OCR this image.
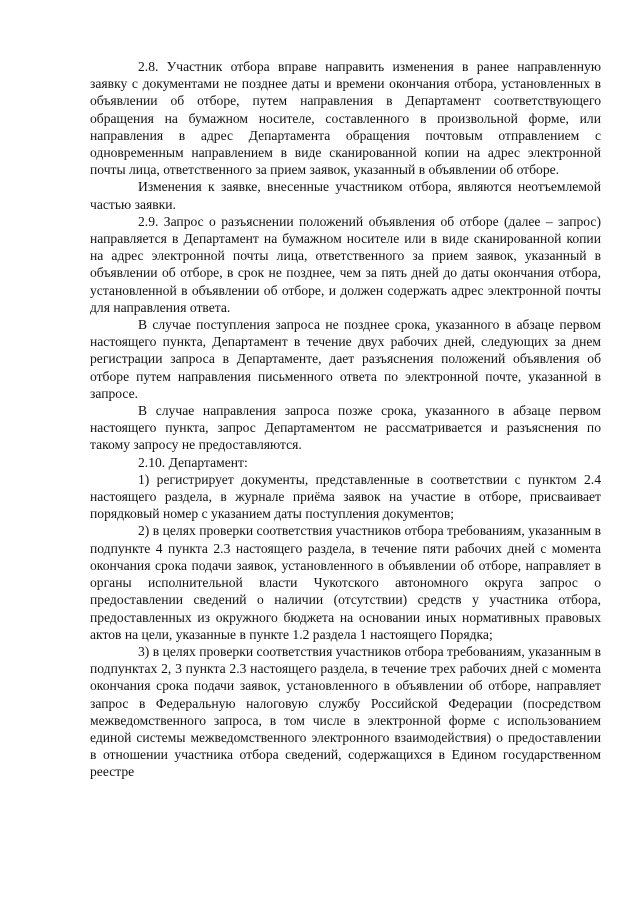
2.8. Участник отбора вправе направить изменения в ранее направленную заявку с документами не позднее даты и времени окончания отбора, установленных в объявлении об отборе, путем направления в Департамент соответствующего обращения на бумажном носителе, составленного в произвольной форме, или направления в адрес Департамента обращения почтовым отправлением с одновременным направлением в виде сканированной копии на адрес электронной почты лица, ответственного за прием заявок, указанный в объявлении об отборе.

Изменения к заявке, внесенные участником отбора, являются неотъемлемой частью заявки.

2.9. Запрос о разъяснении положений объявления об отборе (далее – запрос) направляется в Департамент на бумажном носителе или в виде сканированной копии на адрес электронной почты лица, ответственного за прием заявок, указанный в объявлении об отборе, в срок не позднее, чем за пять дней до даты окончания отбора, установленной в объявлении об отборе, и должен содержать адрес электронной почты для направления ответа.

В случае поступления запроса не позднее срока, указанного в абзаце первом настоящего пункта, Департамент в течение двух рабочих дней, следующих за днем регистрации запроса в Департаменте, дает разъяснения положений объявления об отборе путем направления письменного ответа по электронной почте, указанной в запросе.

В случае направления запроса позже срока, указанного в абзаце первом настоящего пункта, запрос Департаментом не рассматривается и разъяснения по такому запросу не предоставляются.

2.10. Департамент:

1) регистрирует документы, представленные в соответствии с пунктом 2.4 настоящего раздела, в журнале приёма заявок на участие в отборе, присваивает порядковый номер с указанием даты поступления документов;

2) в целях проверки соответствия участников отбора требованиям, указанным в подпункте 4 пункта 2.3 настоящего раздела, в течение пяти рабочих дней с момента окончания срока подачи заявок, установленного в объявлении об отборе, направляет в органы исполнительной власти Чукотского автономного округа запрос о предоставлении сведений о наличии (отсутствии) средств у участника отбора, предоставленных из окружного бюджета на основании иных нормативных правовых актов на цели, указанные в пункте 1.2 раздела 1 настоящего Порядка;

3) в целях проверки соответствия участников отбора требованиям, указанным в подпунктах 2, 3 пункта 2.3 настоящего раздела, в течение трех рабочих дней с момента окончания срока подачи заявок, установленного в объявлении об отборе, направляет запрос в Федеральную налоговую службу Российской Федерации (посредством межведомственного запроса, в том числе в электронной форме с использованием единой системы межведомственного электронного взаимодействия) о предоставлении в отношении участника отбора сведений, содержащихся в Едином государственном реестре
